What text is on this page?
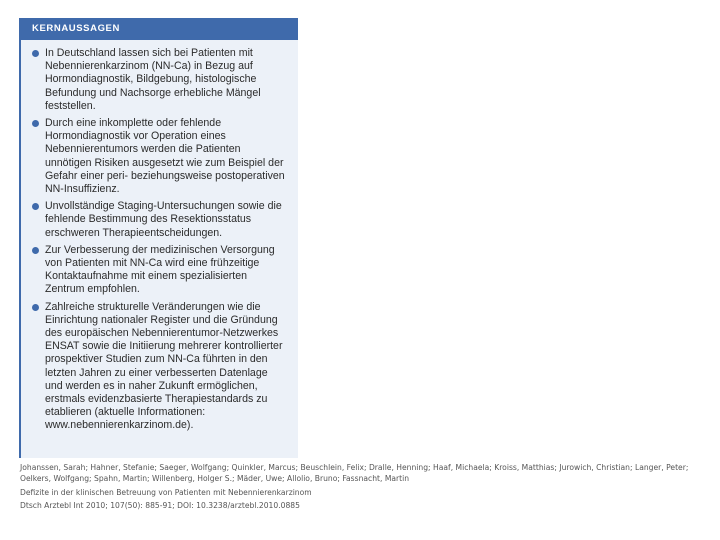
KERNAUSSAGEN
In Deutschland lassen sich bei Patienten mit Nebennierenkarzinom (NN-Ca) in Bezug auf Hormondiagnostik, Bildgebung, histologische Befundung und Nachsorge erhebliche Mängel feststellen.
Durch eine inkomplette oder fehlende Hormondiagnostik vor Operation eines Nebennierentumors werden die Patienten unnötigen Risiken ausgesetzt wie zum Beispiel der Gefahr einer peri- beziehungsweise postoperativen NN-Insuffizienz.
Unvollständige Staging-Untersuchungen sowie die fehlende Bestimmung des Resektionsstatus erschweren Therapieentscheidungen.
Zur Verbesserung der medizinischen Versorgung von Patienten mit NN-Ca wird eine frühzeitige Kontaktaufnahme mit einem spezialisierten Zentrum empfohlen.
Zahlreiche strukturelle Veränderungen wie die Einrichtung nationaler Register und die Gründung des europäischen Nebennierentumor-Netzwerkes ENSAT sowie die Initiierung mehrerer kontrollierter prospektiver Studien zum NN-Ca führten in den letzten Jahren zu einer verbesserten Datenlage und werden es in naher Zukunft ermöglichen, erstmals evidenzbasierte Therapiestandards zu etablieren (aktuelle Informationen: www.nebennierenkarzinom.de).
Johanssen, Sarah; Hahner, Stefanie; Saeger, Wolfgang; Quinkler, Marcus; Beuschlein, Felix; Dralle, Henning; Haaf, Michaela; Kroiss, Matthias; Jurowich, Christian; Langer, Peter; Oelkers, Wolfgang; Spahn, Martin; Willenberg, Holger S.; Mäder, Uwe; Allolio, Bruno; Fassnacht, Martin
Defizite in der klinischen Betreuung von Patienten mit Nebennierenkarzinom
Dtsch Arztebl Int 2010; 107(50): 885-91; DOI: 10.3238/arztebl.2010.0885
